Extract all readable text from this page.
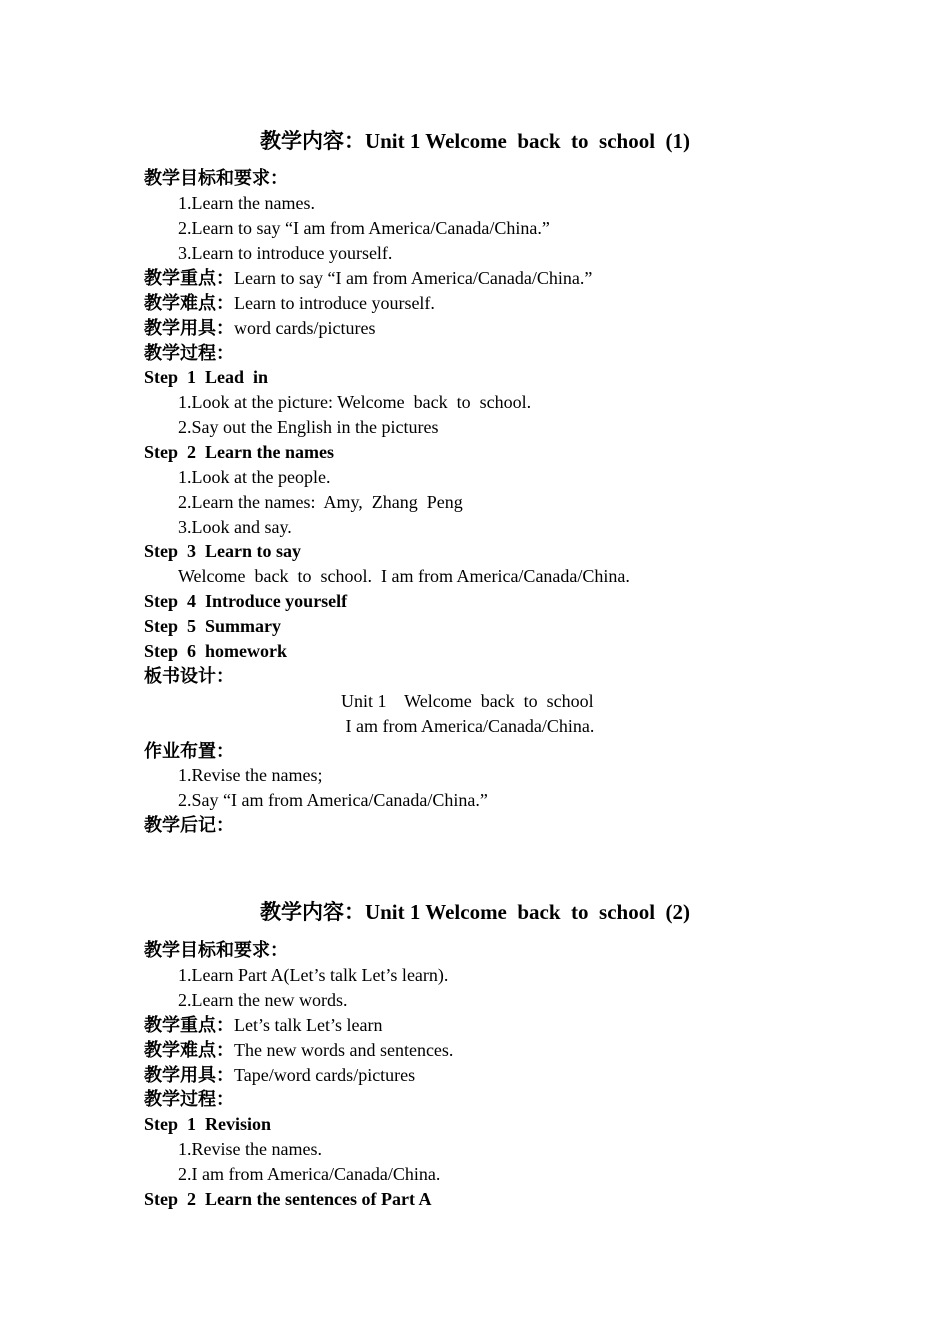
教学内容：Unit 1 Welcome  back  to  school  (1)
教学目标和要求：
1.Learn the names.
2.Learn to say “I am from America/Canada/China.”
3.Learn to introduce yourself.
教学重点：Learn to say “I am from America/Canada/China.”
教学难点：Learn to introduce yourself.
教学用具：word cards/pictures
教学过程：
Step  1  Lead  in
1.Look at the picture: Welcome  back  to  school.
2.Say out the English in the pictures
Step  2  Learn the names
1.Look at the people.
2.Learn the names:  Amy,  Zhang  Peng
3.Look and say.
Step  3  Learn to say
Welcome  back  to  school.  I am from America/Canada/China.
Step  4  Introduce yourself
Step  5  Summary
Step  6  homework
板书设计：
Unit 1    Welcome  back  to  school
I am from America/Canada/China.
作业布置：
1.Revise the names;
2.Say “I am from America/Canada/China.”
教学后记：
教学内容：Unit 1 Welcome  back  to  school  (2)
教学目标和要求：
1.Learn Part A(Let’s talk Let’s learn).
2.Learn the new words.
教学重点：Let’s talk Let’s learn
教学难点：The new words and sentences.
教学用具：Tape/word cards/pictures
教学过程：
Step  1  Revision
1.Revise the names.
2.I am from America/Canada/China.
Step  2  Learn the sentences of Part A
